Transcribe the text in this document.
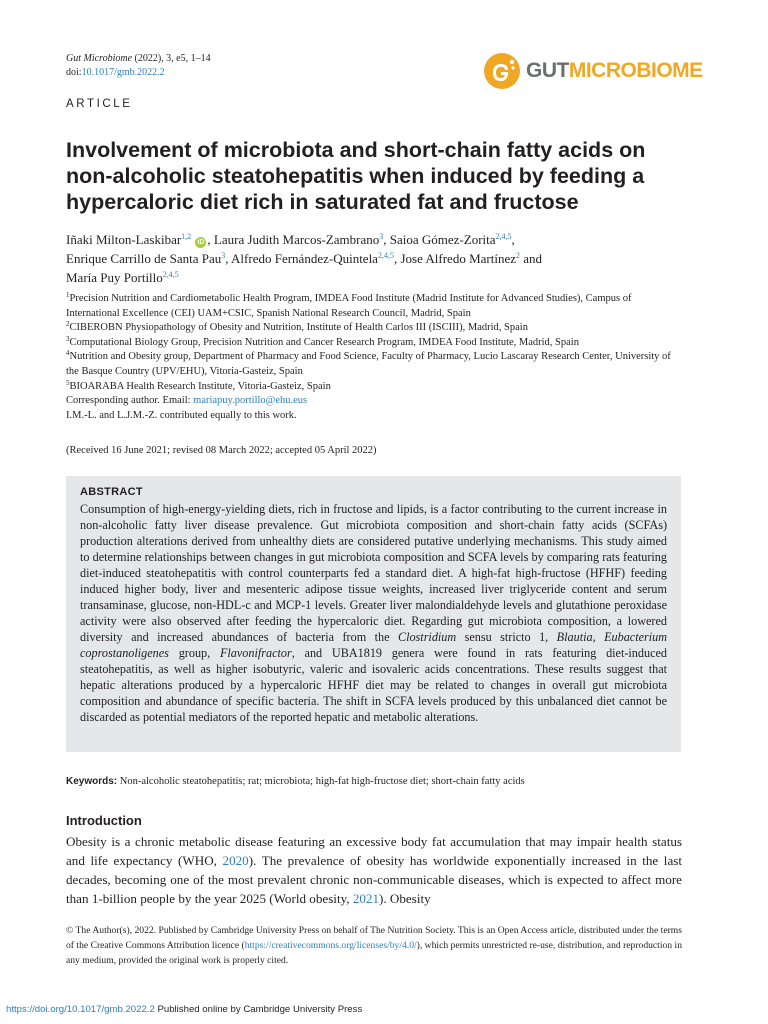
Gut Microbiome (2022), 3, e5, 1–14
doi:10.1017/gmb.2022.2	GUTMICROBIOME
ARTICLE
Involvement of microbiota and short-chain fatty acids on non-alcoholic steatohepatitis when induced by feeding a hypercaloric diet rich in saturated fat and fructose
Iñaki Milton-Laskibar$^{1,2}$ iD , Laura Judith Marcos-Zambrano$^3$, Saioa Gómez-Zorita$^{2,4,5}$,
Enrique Carrillo de Santa Pau$^3$, Alfredo Fernández-Quintela$^{2,4,5}$, Jose Alfredo Martínez$^2$ and
María Puy Portillo$^{2,4,5}$
$^1$Precision Nutrition and Cardiometabolic Health Program, IMDEA Food Institute (Madrid Institute for Advanced Studies), Campus of International Excellence (CEI) UAM+CSIC, Spanish National Research Council, Madrid, Spain
$^2$CIBEROBN Physiopathology of Obesity and Nutrition, Institute of Health Carlos III (ISCIII), Madrid, Spain
$^3$Computational Biology Group, Precision Nutrition and Cancer Research Program, IMDEA Food Institute, Madrid, Spain
$^4$Nutrition and Obesity group, Department of Pharmacy and Food Science, Faculty of Pharmacy, Lucio Lascaray Research Center, University of the Basque Country (UPV/EHU), Vitoria-Gasteiz, Spain
$^5$BIOARABA Health Research Institute, Vitoria-Gasteiz, Spain
Corresponding author. Email: mariapuy.portillo@ehu.eus
I.M.-L. and L.J.M.-Z. contributed equally to this work.
(Received 16 June 2021; revised 08 March 2022; accepted 05 April 2022)
ABSTRACT
Consumption of high-energy-yielding diets, rich in fructose and lipids, is a factor contributing to the current increase in non-alcoholic fatty liver disease prevalence. Gut microbiota composition and short-chain fatty acids (SCFAs) production alterations derived from unhealthy diets are considered putative underlying mechanisms. This study aimed to determine relationships between changes in gut microbiota composition and SCFA levels by comparing rats featuring diet-induced steatohepatitis with control counterparts fed a standard diet. A high-fat high-fructose (HFHF) feeding induced higher body, liver and mesenteric adipose tissue weights, increased liver triglyceride content and serum transaminase, glucose, non-HDL-c and MCP-1 levels. Greater liver malondialdehyde levels and glutathione peroxidase activity were also observed after feeding the hypercaloric diet. Regarding gut microbiota composition, a lowered diversity and increased abundances of bacteria from the Clostridium sensu stricto 1, Blautia, Eubacterium coprostanoligenes group, Flavonifractor, and UBA1819 genera were found in rats featuring diet-induced steatohepatitis, as well as higher isobutyric, valeric and isovaleric acids concentrations. These results suggest that hepatic alterations produced by a hypercaloric HFHF diet may be related to changes in overall gut microbiota composition and abundance of specific bacteria. The shift in SCFA levels produced by this unbalanced diet cannot be discarded as potential mediators of the reported hepatic and metabolic alterations.
Keywords: Non-alcoholic steatohepatitis; rat; microbiota; high-fat high-fructose diet; short-chain fatty acids
Introduction
Obesity is a chronic metabolic disease featuring an excessive body fat accumulation that may impair health status and life expectancy (WHO, 2020). The prevalence of obesity has worldwide exponentially increased in the last decades, becoming one of the most prevalent chronic non-communicable diseases, which is expected to affect more than 1-billion people by the year 2025 (World obesity, 2021). Obesity
© The Author(s), 2022. Published by Cambridge University Press on behalf of The Nutrition Society. This is an Open Access article, distributed under the terms of the Creative Commons Attribution licence (https://creativecommons.org/licenses/by/4.0/), which permits unrestricted re-use, distribution, and reproduction in any medium, provided the original work is properly cited.
https://doi.org/10.1017/gmb.2022.2 Published online by Cambridge University Press
